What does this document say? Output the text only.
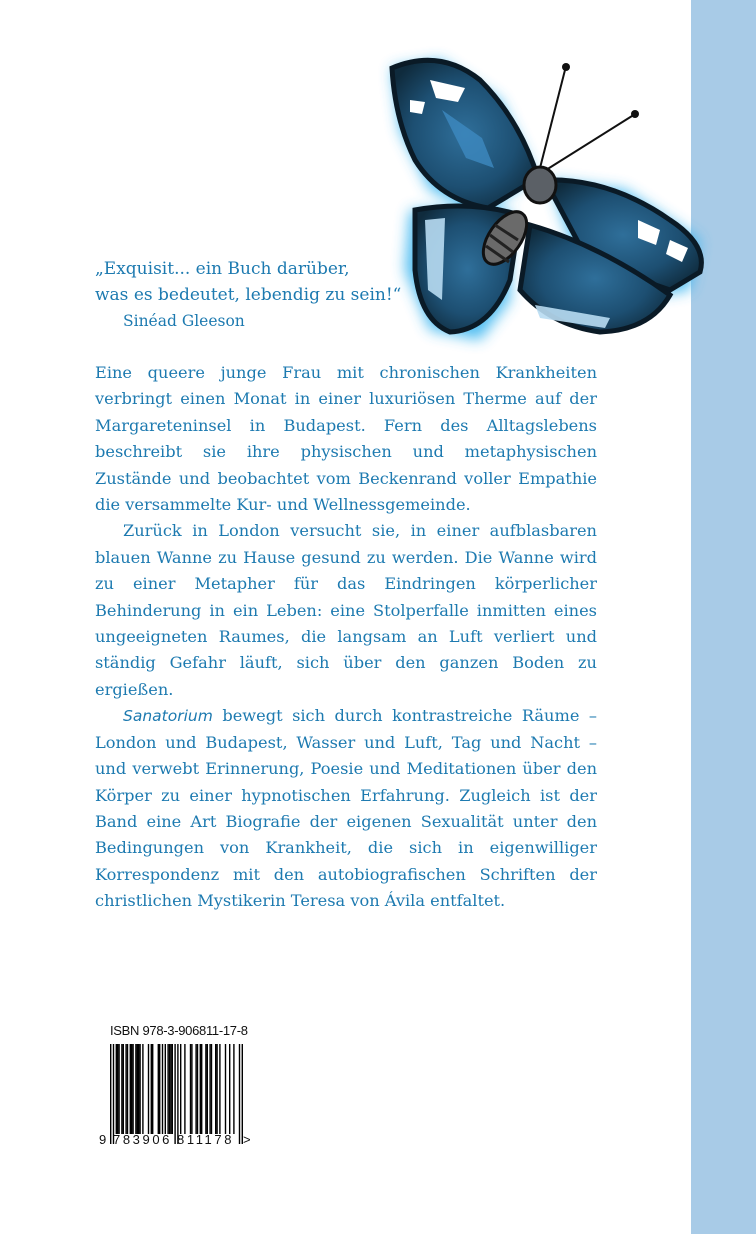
„Exquisit... ein Buch darüber,
was es bedeutet, lebendig zu sein!“
Sinéad Gleeson

Eine queere junge Frau mit chronischen Krankheiten verbringt einen Monat in einer luxuriösen Therme auf der Margareteninsel in Budapest. Fern des Alltagslebens beschreibt sie ihre physischen und metaphysischen Zustände und beobachtet vom Beckenrand voller Empathie die versammelte Kur- und Wellnessgemeinde.

Zurück in London versucht sie, in einer aufblasbaren blauen Wanne zu Hause gesund zu werden. Die Wanne wird zu einer Metapher für das Eindringen körperlicher Behinderung in ein Leben: eine Stolperfalle inmitten eines ungeeigneten Raumes, die langsam an Luft verliert und ständig Gefahr läuft, sich über den ganzen Boden zu ergießen.

Sanatorium bewegt sich durch kontrastreiche Räume – London und Budapest, Wasser und Luft, Tag und Nacht – und verwebt Erinnerung, Poesie und Meditationen über den Körper zu einer hypnotischen Erfahrung. Zugleich ist der Band eine Art Biografie der eigenen Sexualität unter den Bedingungen von Krankheit, die sich in eigenwilliger Korrespondenz mit den autobiografischen Schriften der christlichen Mystikerin Teresa von Ávila entfaltet.

ISBN 978-3-906811-17-8
9 783906 811178 >
